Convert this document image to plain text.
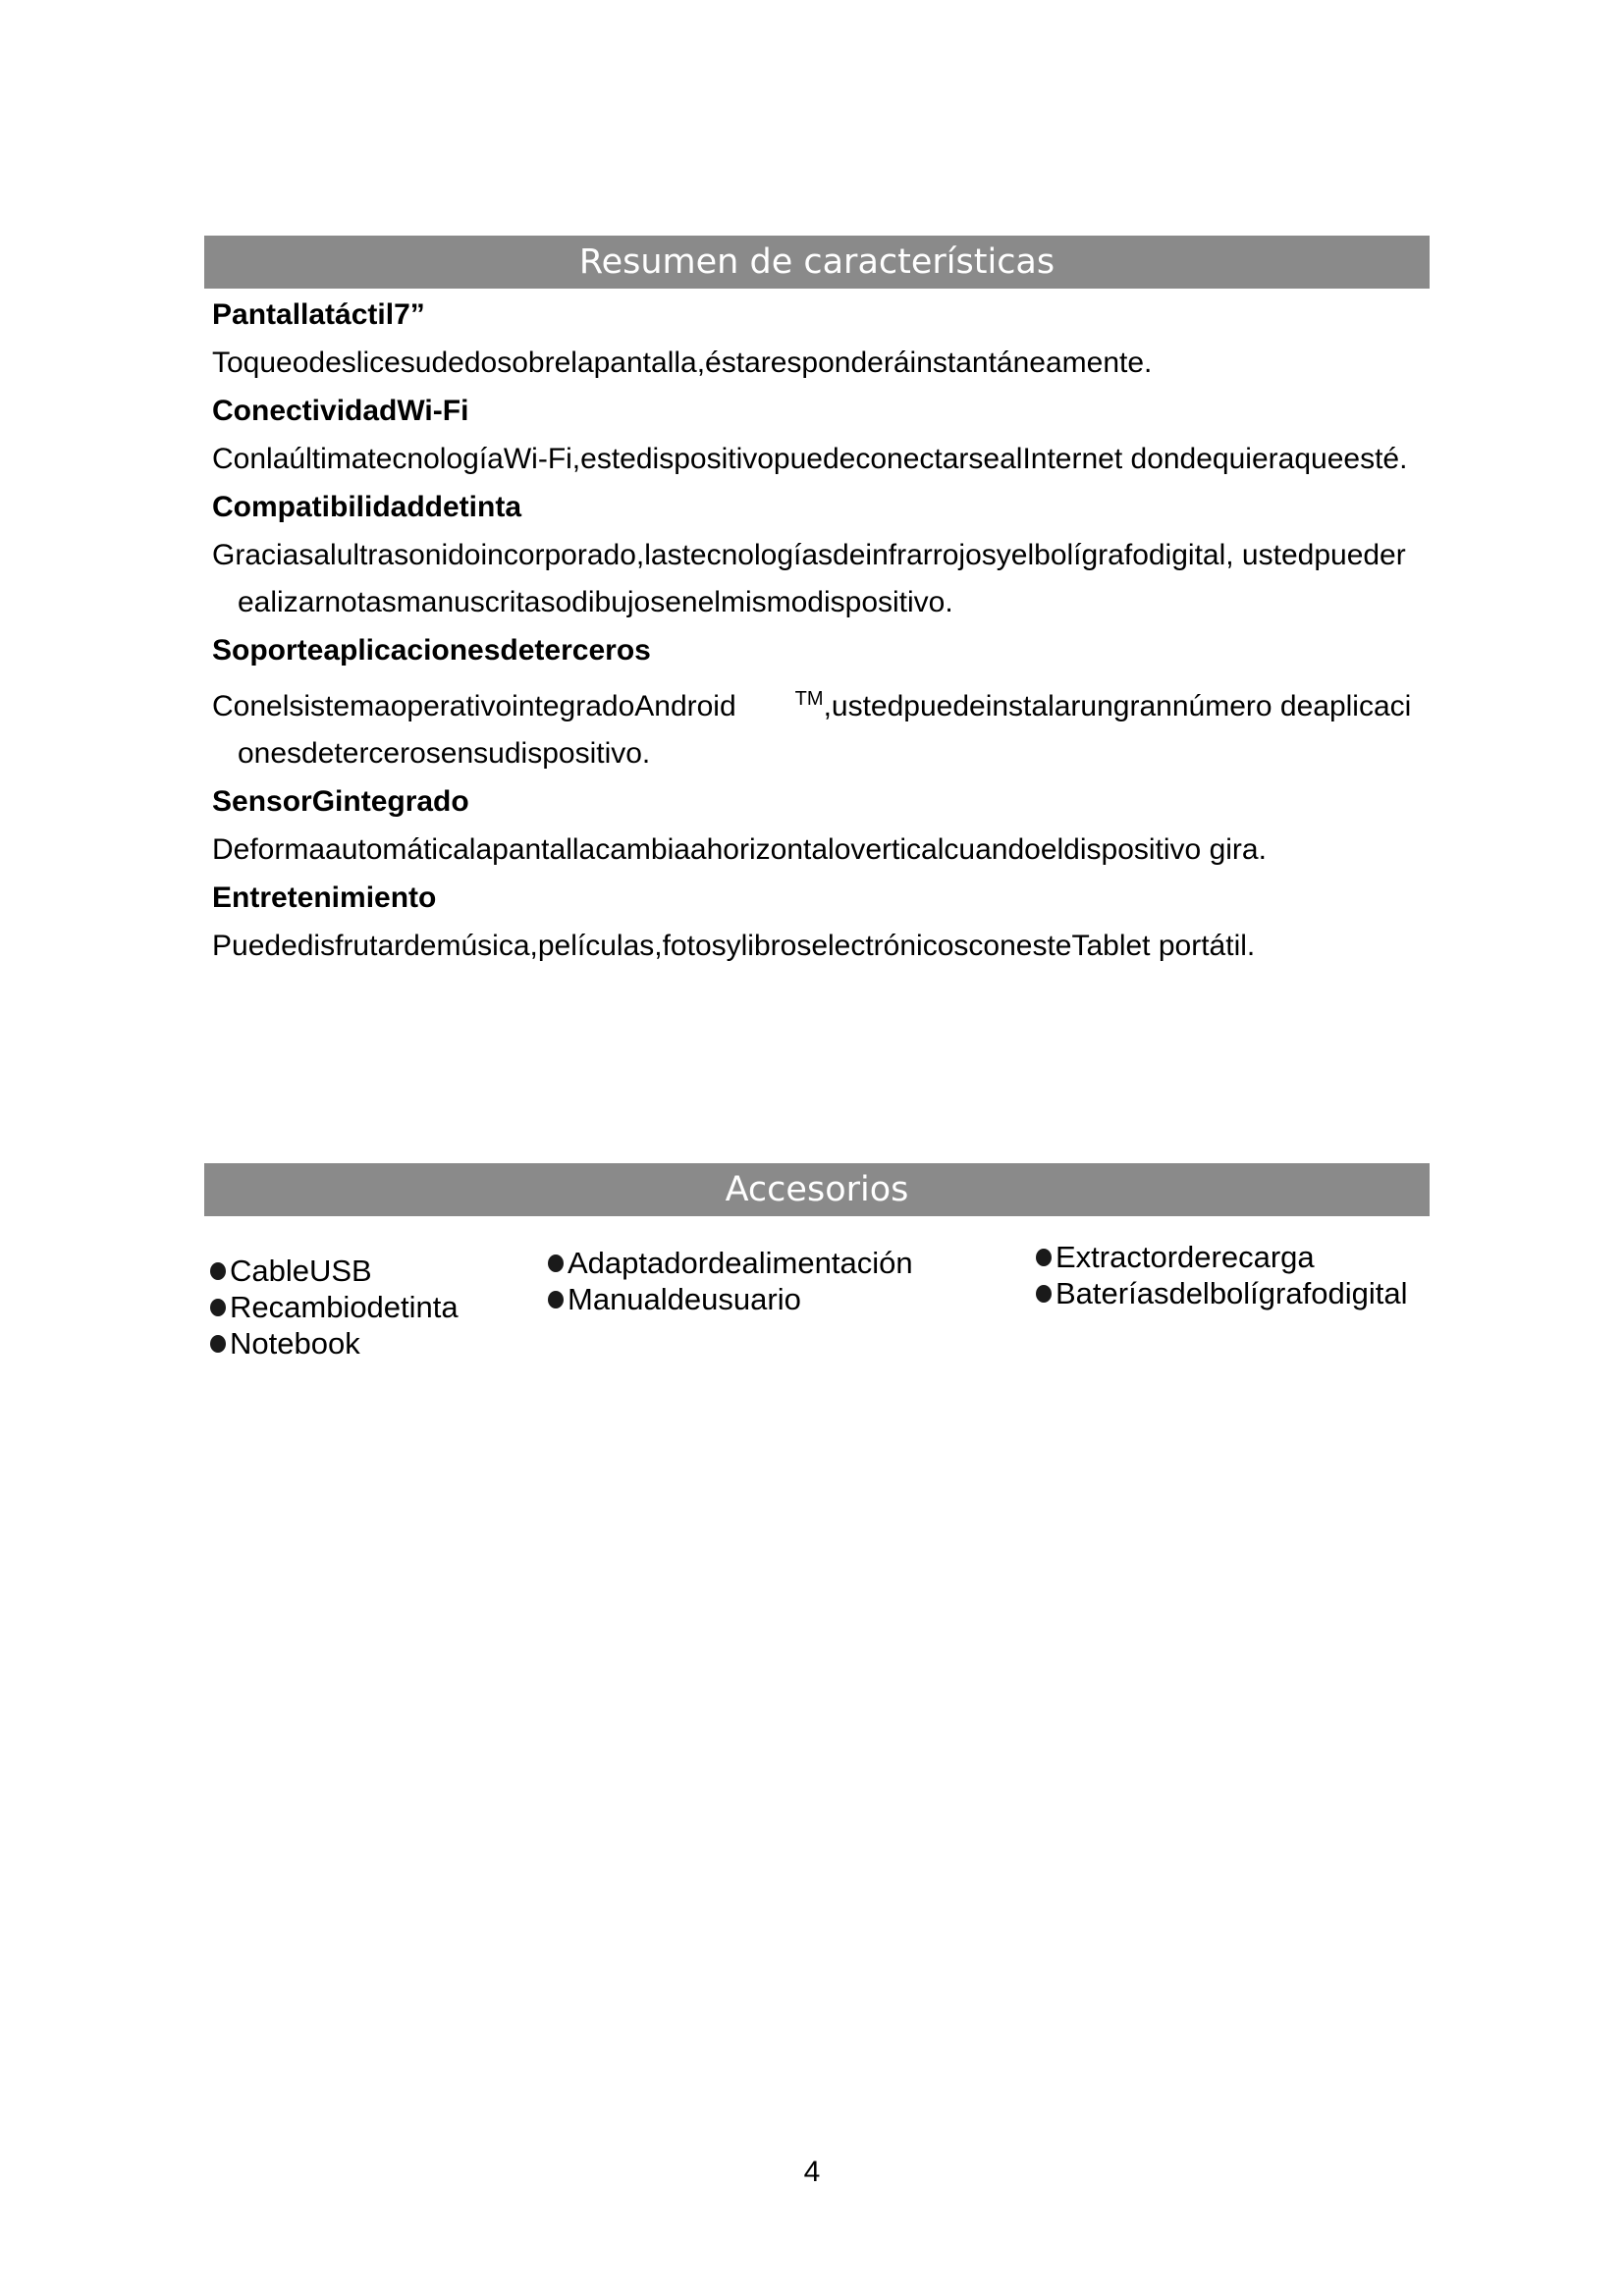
Resumen de características
Pantallatáctil7”
Toqueodeslicesudedosobrelapantalla,éstaresponderáinstantáneamente.
ConectividadWi-Fi
ConlaúltimatecnologíaWi-Fi,estedispositivopuedeconectarsealInternet dondequieraqueesté.
Compatibilidaddetinta
Graciasalultrasonidoincorporado,lastecnologíasdeinfrarrojosyelbolígrafodigital, ustedpuederealizarnotasmanuscritasodibujosenelmismodispositivo.
Soporteaplicacionesdeterceros
ConelsistemaoperativointegradoAndroid	™,ustedpuedeinstalarungrannúmero deaplicacionesdetercerosensudispositivo.
SensorGintegrado
Deformaautomáticalapantallacambiaahorizontaloverticalcuandoeldispositivo gira.
Entretenimiento
Puededisfrutardemúsica,películas,fotosylibroselectrónicosconesteTablet portátil.
Accesorios
CableUSB
Recambiodetinta
Notebook
Adaptadordealimentación
Manualdeusuario
Extractorderecarga
Bateríasdelbolígrafodigital
4
